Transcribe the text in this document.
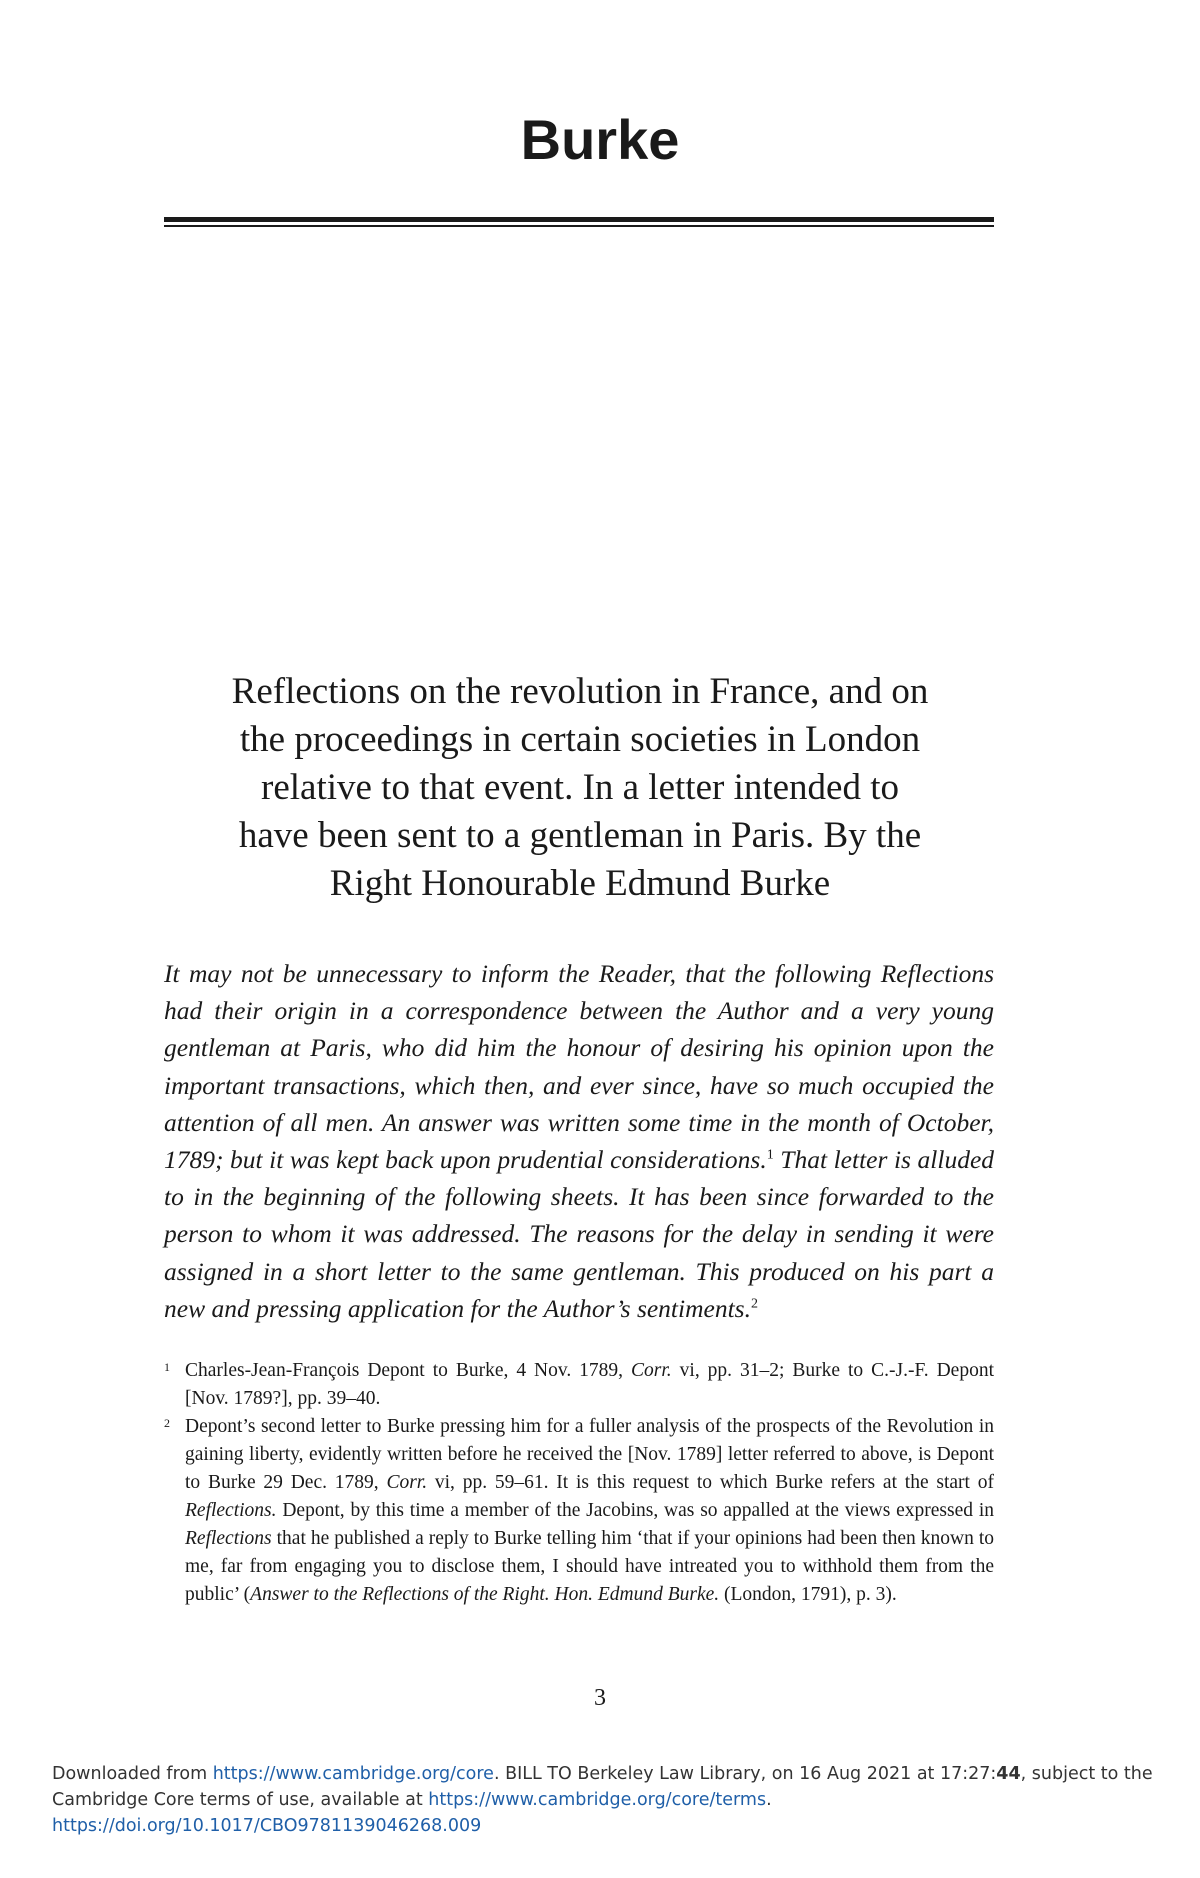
Burke
Reflections on the revolution in France, and on
the proceedings in certain societies in London
relative to that event. In a letter intended to
have been sent to a gentleman in Paris. By the
Right Honourable Edmund Burke
It may not be unnecessary to inform the Reader, that the following Reflections had their origin in a correspondence between the Author and a very young gentleman at Paris, who did him the honour of desiring his opinion upon the important transactions, which then, and ever since, have so much occupied the attention of all men. An answer was written some time in the month of October, 1789; but it was kept back upon prudential considerations.$^1$ That letter is alluded to in the beginning of the following sheets. It has been since forwarded to the person to whom it was addressed. The reasons for the delay in sending it were assigned in a short letter to the same gentleman. This produced on his part a new and pressing application for the Author’s sentiments.$^2$
1 Charles-Jean-François Depont to Burke, 4 Nov. 1789, Corr. vi, pp. 31–2; Burke to C.-J.-F. Depont [Nov. 1789?], pp. 39–40.
2 Depont’s second letter to Burke pressing him for a fuller analysis of the prospects of the Revolution in gaining liberty, evidently written before he received the [Nov. 1789] letter referred to above, is Depont to Burke 29 Dec. 1789, Corr. vi, pp. 59–61. It is this request to which Burke refers at the start of Reflections. Depont, by this time a member of the Jacobins, was so appalled at the views expressed in Reflections that he published a reply to Burke telling him ‘that if your opinions had been then known to me, far from engaging you to disclose them, I should have intreated you to withhold them from the public’ (Answer to the Reflections of the Right. Hon. Edmund Burke. (London, 1791), p. 3).
3
Downloaded from https://www.cambridge.org/core. BILL TO Berkeley Law Library, on 16 Aug 2021 at 17:27:44, subject to the Cambridge Core terms of use, available at https://www.cambridge.org/core/terms.
https://doi.org/10.1017/CBO9781139046268.009
